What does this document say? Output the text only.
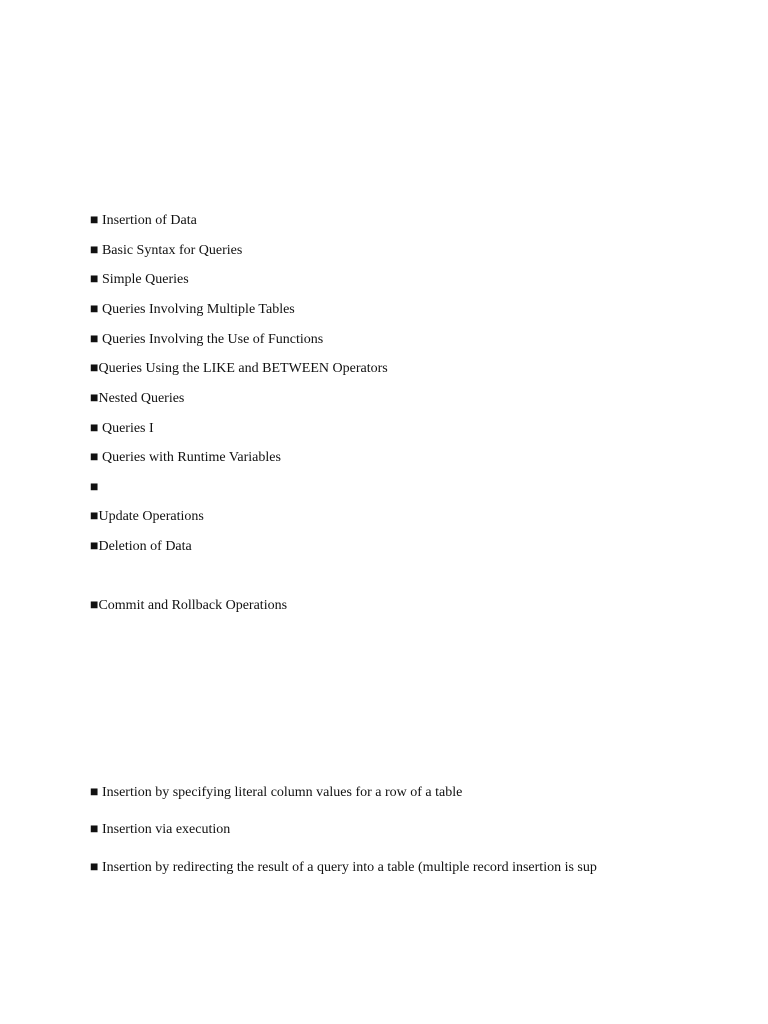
■ Insertion of Data
■ Basic Syntax for Queries
■ Simple Queries
■ Queries Involving Multiple Tables
■ Queries Involving the Use of Functions
■Queries Using the LIKE and BETWEEN Operators
■Nested Queries
■ Queries I
■ Queries with Runtime Variables
■
■Update Operations
■Deletion of Data
■Commit and Rollback Operations
■ Insertion by specifying literal column values for a row of a table
■ Insertion via execution
■ Insertion by redirecting the result of a query into a table (multiple record insertion is sup
